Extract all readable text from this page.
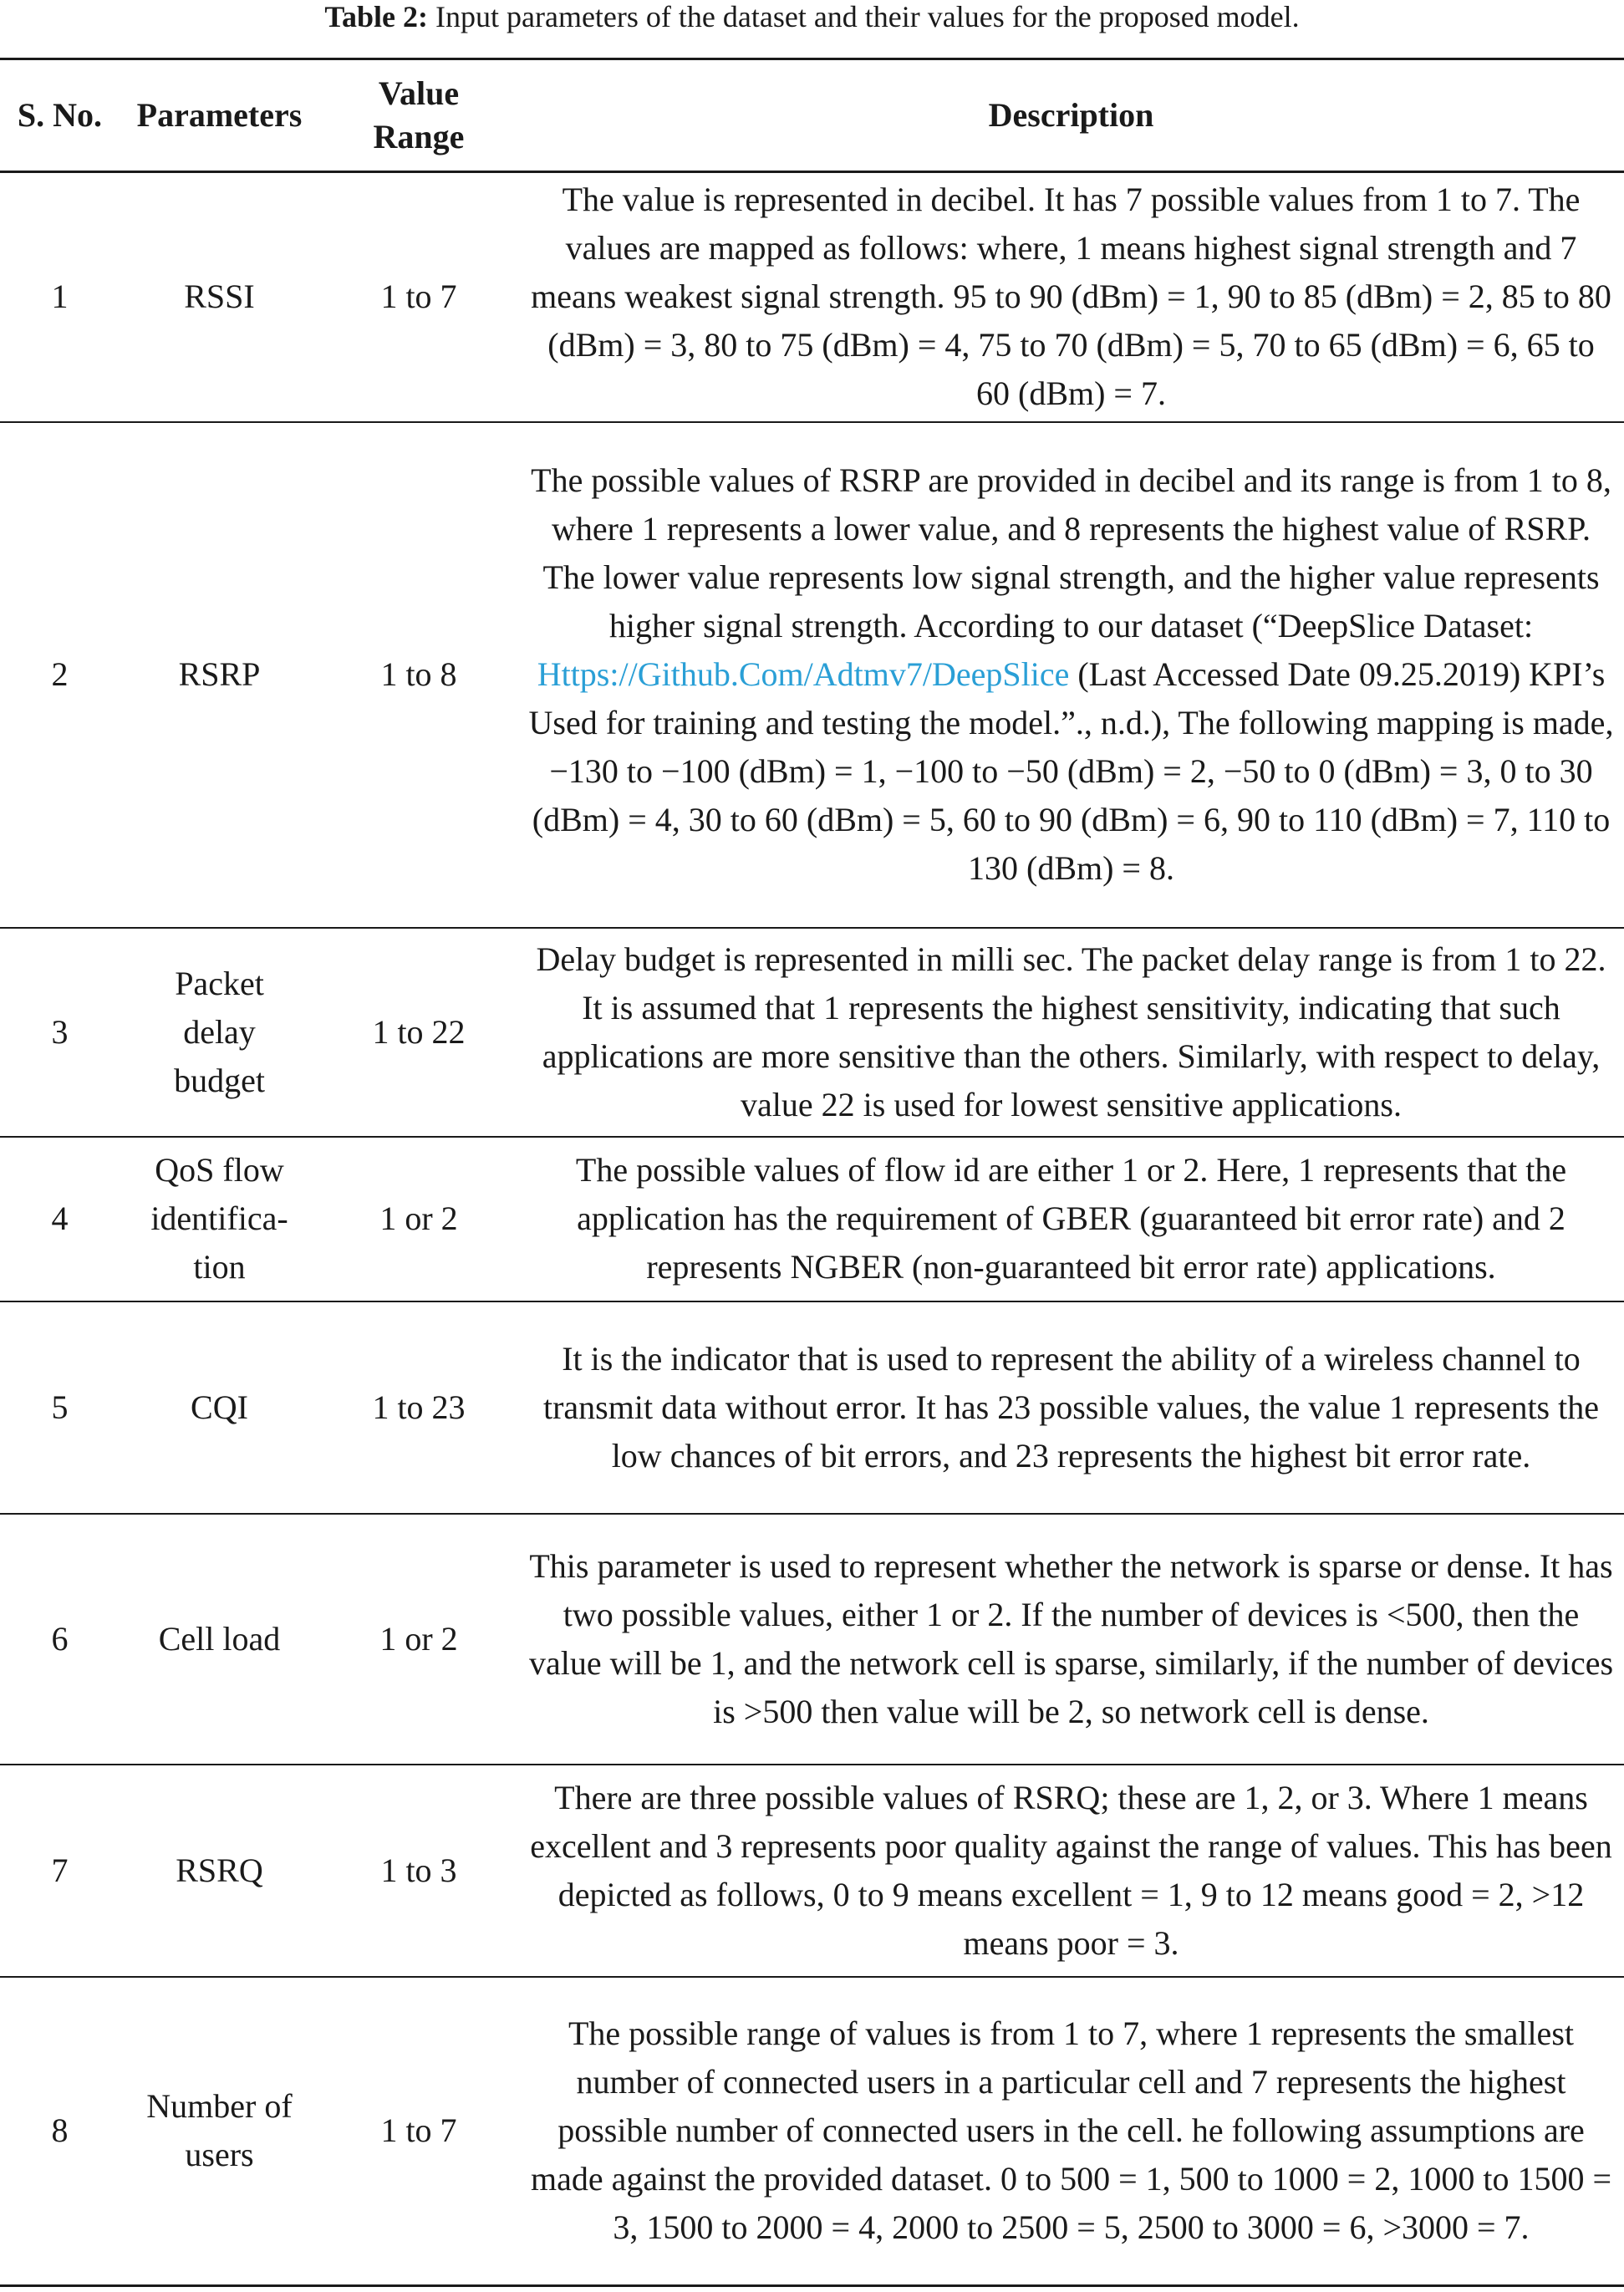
Table 2: Input parameters of the dataset and their values for the proposed model.
S. No.	Parameters	Value Range	Description
1	RSSI	1 to 7	The value is represented in decibel. It has 7 possible values from 1 to 7. The values are mapped as follows: where, 1 means highest signal strength and 7 means weakest signal strength. 95 to 90 (dBm) = 1, 90 to 85 (dBm) = 2, 85 to 80 (dBm) = 3, 80 to 75 (dBm) = 4, 75 to 70 (dBm) = 5, 70 to 65 (dBm) = 6, 65 to 60 (dBm) = 7.
2	RSRP	1 to 8	The possible values of RSRP are provided in decibel and its range is from 1 to 8, where 1 represents a lower value, and 8 represents the highest value of RSRP. The lower value represents low signal strength, and the higher value represents higher signal strength. According to our dataset (“DeepSlice Dataset: Https://Github.Com/Adtmv7/DeepSlice (Last Accessed Date 09.25.2019) KPI’s Used for training and testing the model.”., n.d.), The following mapping is made, −130 to −100 (dBm) = 1, −100 to −50 (dBm) = 2, −50 to 0 (dBm) = 3, 0 to 30 (dBm) = 4, 30 to 60 (dBm) = 5, 60 to 90 (dBm) = 6, 90 to 110 (dBm) = 7, 110 to 130 (dBm) = 8.
3	Packet delay budget	1 to 22	Delay budget is represented in milli sec. The packet delay range is from 1 to 22. It is assumed that 1 represents the highest sensitivity, indicating that such applications are more sensitive than the others. Similarly, with respect to delay, value 22 is used for lowest sensitive applications.
4	QoS flow identifica-tion	1 or 2	The possible values of flow id are either 1 or 2. Here, 1 represents that the application has the requirement of GBER (guaranteed bit error rate) and 2 represents NGBER (non-guaranteed bit error rate) applications.
5	CQI	1 to 23	It is the indicator that is used to represent the ability of a wireless channel to transmit data without error. It has 23 possible values, the value 1 represents the low chances of bit errors, and 23 represents the highest bit error rate.
6	Cell load	1 or 2	This parameter is used to represent whether the network is sparse or dense. It has two possible values, either 1 or 2. If the number of devices is <500, then the value will be 1, and the network cell is sparse, similarly, if the number of devices is >500 then value will be 2, so network cell is dense.
7	RSRQ	1 to 3	There are three possible values of RSRQ; these are 1, 2, or 3. Where 1 means excellent and 3 represents poor quality against the range of values. This has been depicted as follows, 0 to 9 means excellent = 1, 9 to 12 means good = 2, >12 means poor = 3.
8	Number of users	1 to 7	The possible range of values is from 1 to 7, where 1 represents the smallest number of connected users in a particular cell and 7 represents the highest possible number of connected users in the cell. he following assumptions are made against the provided dataset. 0 to 500 = 1, 500 to 1000 = 2, 1000 to 1500 = 3, 1500 to 2000 = 4, 2000 to 2500 = 5, 2500 to 3000 = 6, >3000 = 7.
